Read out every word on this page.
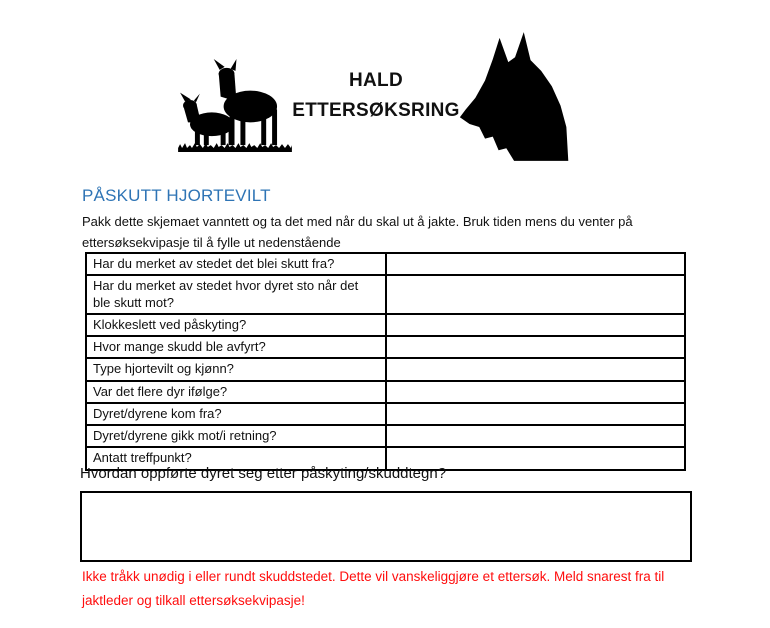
HALD
ETTERSØKSRING
PÅSKUTT HJORTEVILT
Pakk dette skjemaet vanntett og ta det med når du skal ut å jakte. Bruk tiden mens du venter på ettersøksekvipasje til å fylle ut nedenstående
Har du merket av stedet det blei skutt fra?	
Har du merket av stedet hvor dyret sto når det ble skutt mot?	
Klokkeslett ved påskyting?	
Hvor mange skudd ble avfyrt?	
Type hjortevilt og kjønn?	
Var det flere dyr ifølge?	
Dyret/dyrene kom fra?	
Dyret/dyrene gikk mot/i retning?	
Antatt treffpunkt?	
Hvordan oppførte dyret seg etter påskyting/skuddtegn?
Ikke tråkk unødig i eller rundt skuddstedet. Dette vil vanskeliggjøre et ettersøk. Meld snarest fra til jaktleder og tilkall ettersøksekvipasje!
